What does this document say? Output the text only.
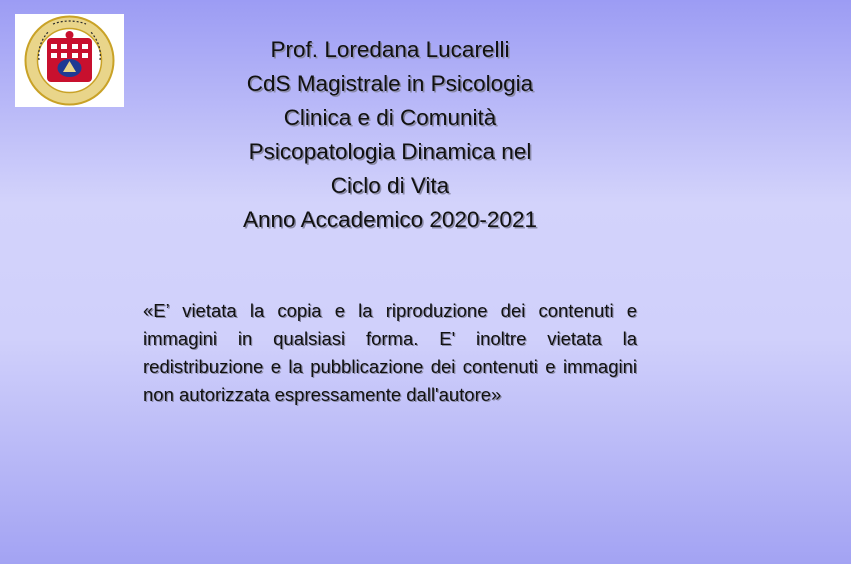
Prof. Loredana Lucarelli
CdS Magistrale in Psicologia
Clinica e di Comunità
Psicopatologia Dinamica nel
Ciclo di Vita
Anno Accademico 2020-2021
«E’ vietata la copia e la riproduzione dei contenuti e immagini in qualsiasi forma. E' inoltre vietata la redistribuzione e la pubblicazione dei contenuti e immagini non autorizzata espressamente dall'autore»
